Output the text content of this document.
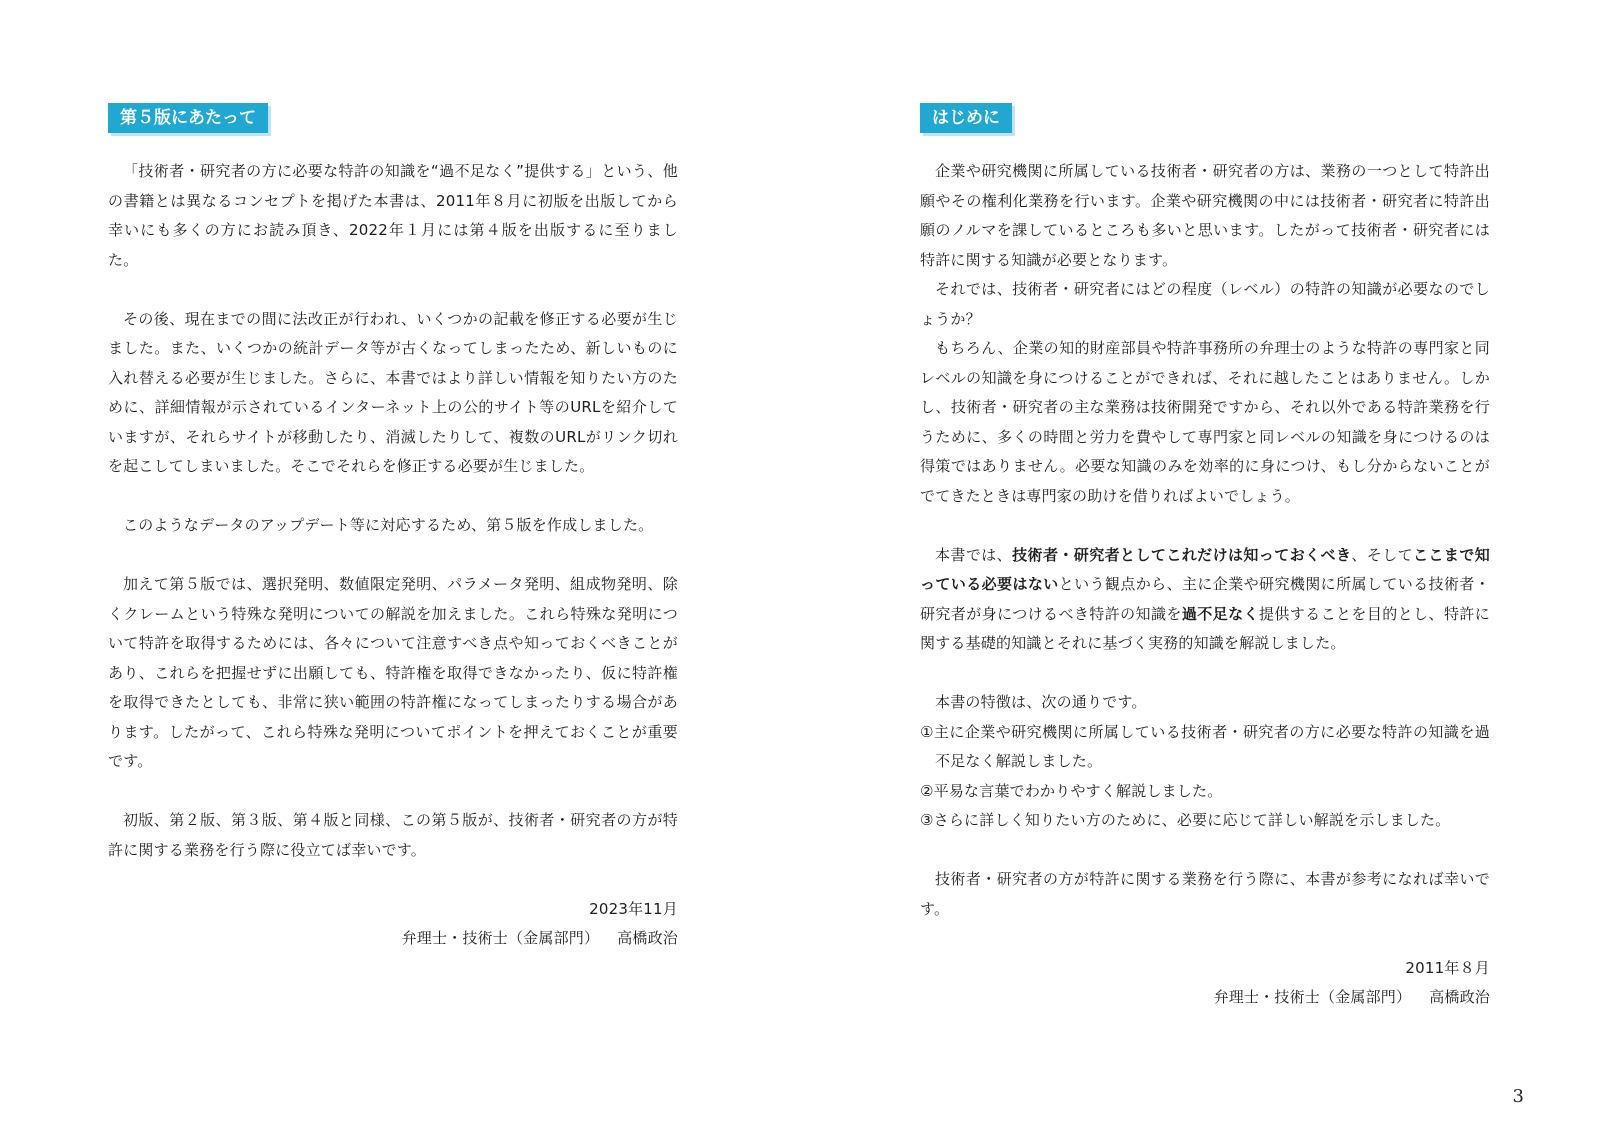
第５版にあたって

「技術者・研究者の方に必要な特許の知識を“過不足なく”提供する」という、他の書籍とは異なるコンセプトを掲げた本書は、2011年８月に初版を出版してから幸いにも多くの方にお読み頂き、2022年１月には第４版を出版するに至りました。

その後、現在までの間に法改正が行われ、いくつかの記載を修正する必要が生じました。また、いくつかの統計データ等が古くなってしまったため、新しいものに入れ替える必要が生じました。さらに、本書ではより詳しい情報を知りたい方のために、詳細情報が示されているインターネット上の公的サイト等のURLを紹介していますが、それらサイトが移動したり、消滅したりして、複数のURLがリンク切れを起こしてしまいました。そこでそれらを修正する必要が生じました。

このようなデータのアップデート等に対応するため、第５版を作成しました。

加えて第５版では、選択発明、数値限定発明、パラメータ発明、組成物発明、除くクレームという特殊な発明についての解説を加えました。これら特殊な発明について特許を取得するためには、各々について注意すべき点や知っておくべきことがあり、これらを把握せずに出願しても、特許権を取得できなかったり、仮に特許権を取得できたとしても、非常に狭い範囲の特許権になってしまったりする場合があります。したがって、これら特殊な発明についてポイントを押えておくことが重要です。

初版、第２版、第３版、第４版と同様、この第５版が、技術者・研究者の方が特許に関する業務を行う際に役立てば幸いです。

2023年11月
弁理士・技術士（金属部門） 高橋政治
はじめに

企業や研究機関に所属している技術者・研究者の方は、業務の一つとして特許出願やその権利化業務を行います。企業や研究機関の中には技術者・研究者に特許出願のノルマを課しているところも多いと思います。したがって技術者・研究者には特許に関する知識が必要となります。

それでは、技術者・研究者にはどの程度（レベル）の特許の知識が必要なのでしょうか？

もちろん、企業の知的財産部員や特許事務所の弁理士のような特許の専門家と同レベルの知識を身につけることができれば、それに越したことはありません。しかし、技術者・研究者の主な業務は技術開発ですから、それ以外である特許業務を行うために、多くの時間と労力を費やして専門家と同レベルの知識を身につけるのは得策ではありません。必要な知識のみを効率的に身につけ、もし分からないことがでてきたときは専門家の助けを借りればよいでしょう。

本書では、技術者・研究者としてこれだけは知っておくべき、そしてここまで知っている必要はないという観点から、主に企業や研究機関に所属している技術者・研究者が身につけるべき特許の知識を過不足なく提供することを目的とし、特許に関する基礎的知識とそれに基づく実務的知識を解説しました。

本書の特徴は、次の通りです。

①主に企業や研究機関に所属している技術者・研究者の方に必要な特許の知識を過不足なく解説しました。
②平易な言葉でわかりやすく解説しました。
③さらに詳しく知りたい方のために、必要に応じて詳しい解説を示しました。

技術者・研究者の方が特許に関する業務を行う際に、本書が参考になれば幸いです。

2011年８月
弁理士・技術士（金属部門） 高橋政治
3
